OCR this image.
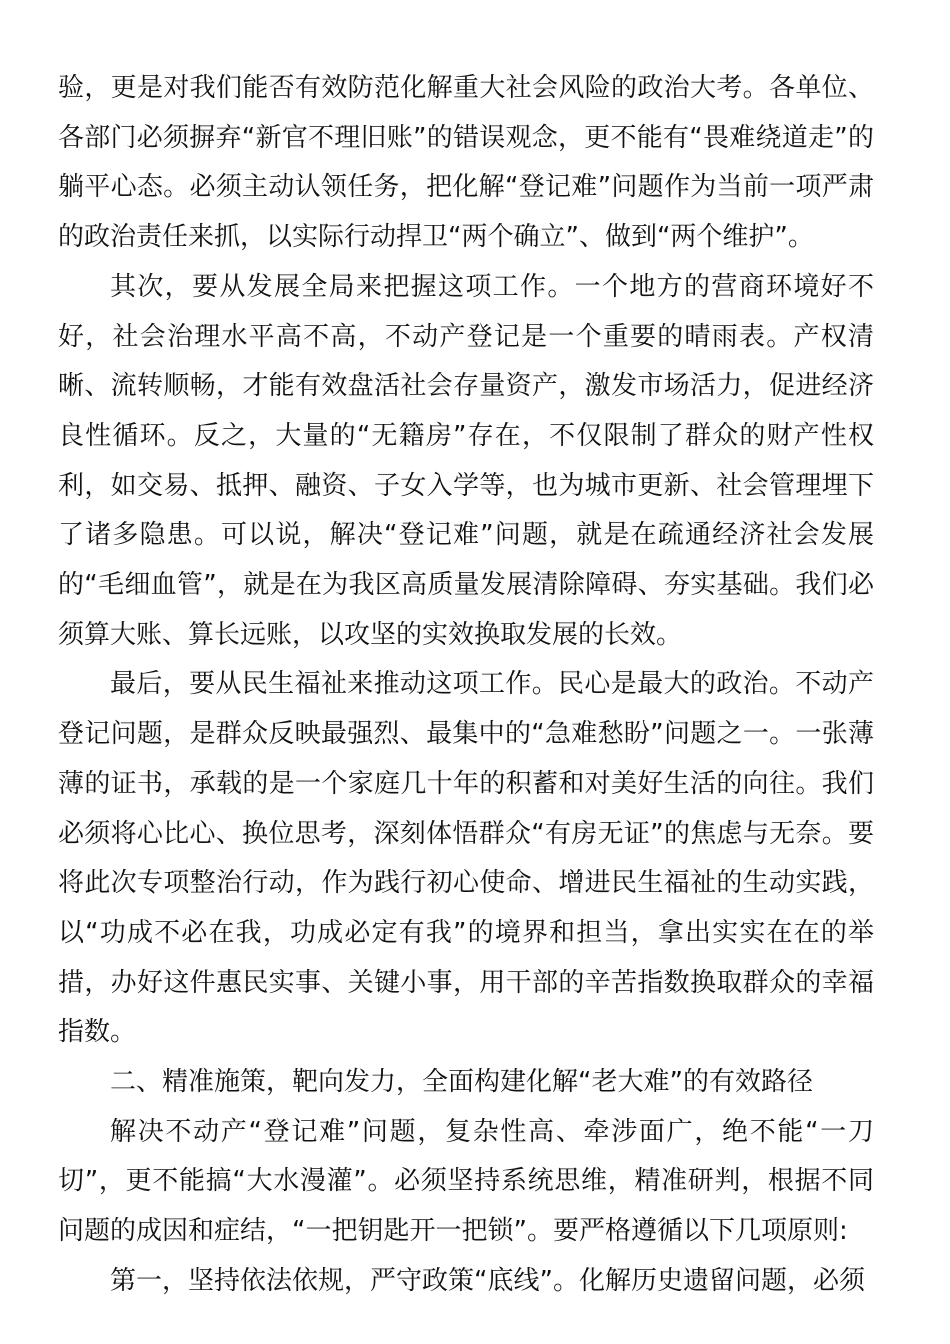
验，更是对我们能否有效防范化解重大社会风险的政治大考。各单位、各部门必须摒弃“新官不理旧账”的错误观念，更不能有“畏难绕道走”的躺平心态。必须主动认领任务，把化解“登记难”问题作为当前一项严肃的政治责任来抓，以实际行动捍卫“两个确立”、做到“两个维护”。

其次，要从发展全局来把握这项工作。一个地方的营商环境好不好，社会治理水平高不高，不动产登记是一个重要的晴雨表。产权清晰、流转顺畅，才能有效盘活社会存量资产，激发市场活力，促进经济良性循环。反之，大量的“无籍房”存在，不仅限制了群众的财产性权利，如交易、抵押、融资、子女入学等，也为城市更新、社会管理埋下了诸多隐患。可以说，解决“登记难”问题，就是在疏通经济社会发展的“毛细血管”，就是在为我区高质量发展清除障碍、夯实基础。我们必须算大账、算长远账，以攻坚的实效换取发展的长效。

最后，要从民生福祉来推动这项工作。民心是最大的政治。不动产登记问题，是群众反映最强烈、最集中的“急难愁盼”问题之一。一张薄薄的证书，承载的是一个家庭几十年的积蓄和对美好生活的向往。我们必须将心比心、换位思考，深刻体悟群众“有房无证”的焦虑与无奈。要将此次专项整治行动，作为践行初心使命、增进民生福祉的生动实践，以“功成不必在我，功成必定有我”的境界和担当，拿出实实在在的举措，办好这件惠民实事、关键小事，用干部的辛苦指数换取群众的幸福指数。

二、精准施策，靶向发力，全面构建化解“老大难”的有效路径

解决不动产“登记难”问题，复杂性高、牵涉面广，绝不能“一刀切”，更不能搞“大水漫灌”。必须坚持系统思维，精准研判，根据不同问题的成因和症结，“一把钥匙开一把锁”。要严格遵循以下几项原则:

第一，坚持依法依规，严守政策“底线”。化解历史遗留问题，必须
